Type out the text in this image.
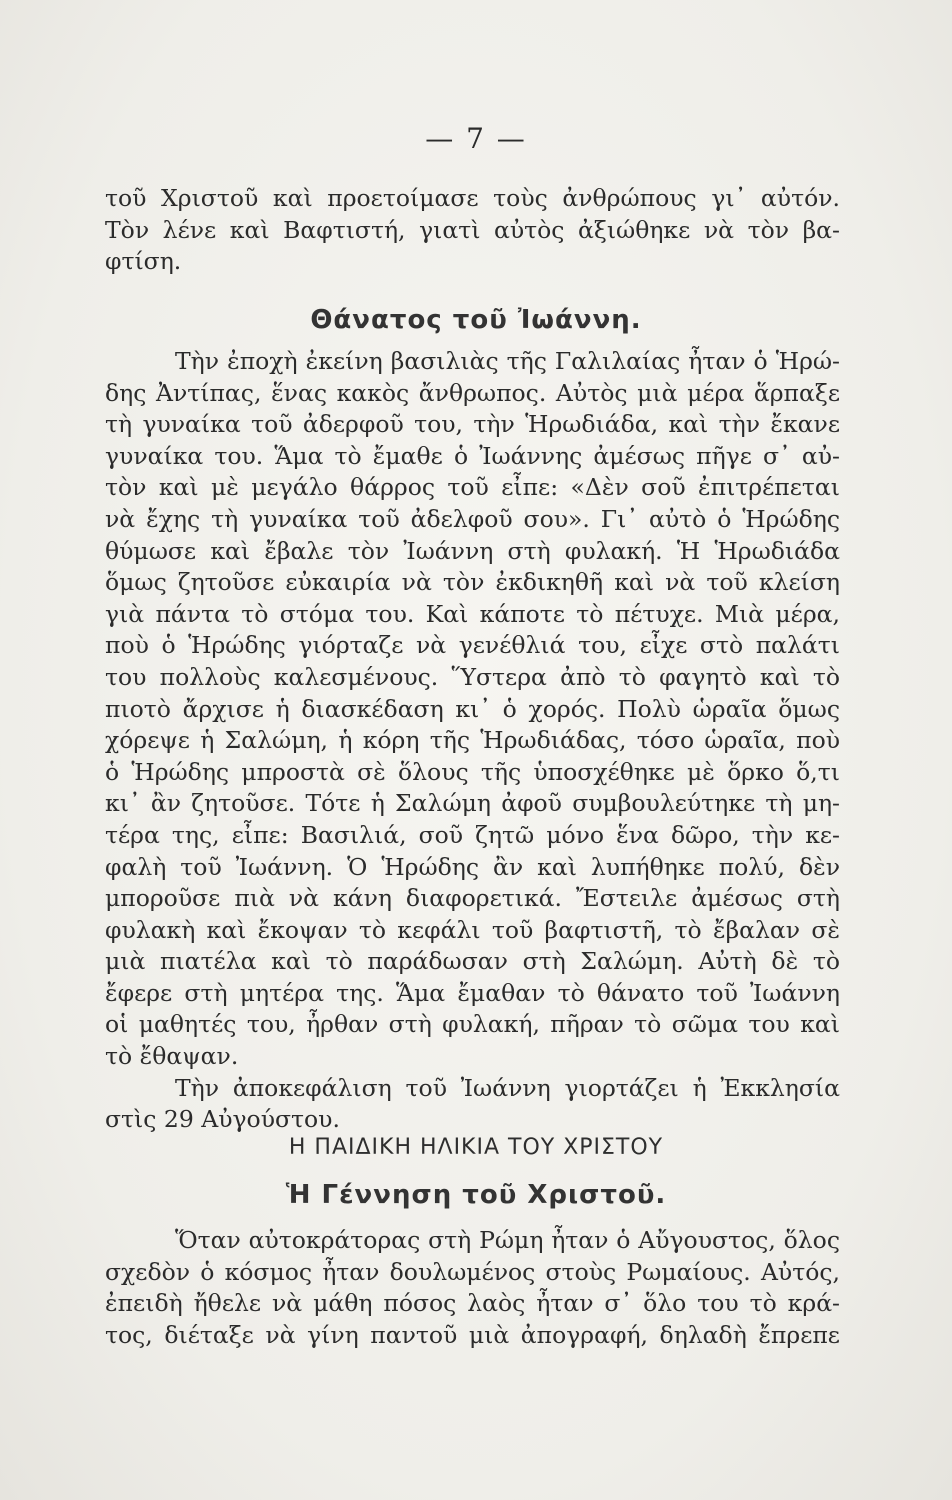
— 7 —
τοῦ Χριστοῦ καὶ προετοίμασε τοὺς ἀνθρώπους γι᾿ αὐτόν.
Τὸν λένε καὶ Βαφτιστή, γιατὶ αὐτὸς ἀξιώθηκε νὰ τὸν βα-
φτίση.
Θάνατος τοῦ Ἰωάννη.
Τὴν ἐποχὴ ἐκείνη βασιλιὰς τῆς Γαλιλαίας ἦταν ὁ Ἡρώ-
δης Ἀντίπας, ἕνας κακὸς ἄνθρωπος. Αὐτὸς μιὰ μέρα ἅρπαξε
τὴ γυναίκα τοῦ ἀδερφοῦ του, τὴν Ἡρωδιάδα, καὶ τὴν ἔκανε
γυναίκα του. Ἅμα τὸ ἔμαθε ὁ Ἰωάννης ἀμέσως πῆγε σ᾿ αὐ-
τὸν καὶ μὲ μεγάλο θάρρος τοῦ εἶπε: «Δὲν σοῦ ἐπιτρέπεται
νὰ ἔχης τὴ γυναίκα τοῦ ἀδελφοῦ σου». Γι᾿ αὐτὸ ὁ Ἡρώδης
θύμωσε καὶ ἔβαλε τὸν Ἰωάννη στὴ φυλακή. Ἡ Ἡρωδιάδα
ὅμως ζητοῦσε εὐκαιρία νὰ τὸν ἐκδικηθῆ καὶ νὰ τοῦ κλείση
γιὰ πάντα τὸ στόμα του. Καὶ κάποτε τὸ πέτυχε. Μιὰ μέρα,
ποὺ ὁ Ἡρώδης γιόρταζε νὰ γενέθλιά του, εἶχε στὸ παλάτι
του πολλοὺς καλεσμένους. Ὕστερα ἀπὸ τὸ φαγητὸ καὶ τὸ
πιοτὸ ἄρχισε ἡ διασκέδαση κι᾿ ὁ χορός. Πολὺ ὡραῖα ὅμως
χόρεψε ἡ Σαλώμη, ἡ κόρη τῆς Ἡρωδιάδας, τόσο ὡραῖα, ποὺ
ὁ Ἡρώδης μπροστὰ σὲ ὅλους τῆς ὑποσχέθηκε μὲ ὅρκο ὅ,τι
κι᾿ ἂν ζητοῦσε. Τότε ἡ Σαλώμη ἀφοῦ συμβουλεύτηκε τὴ μη-
τέρα της, εἶπε: Βασιλιά, σοῦ ζητῶ μόνο ἕνα δῶρο, τὴν κε-
φαλὴ τοῦ Ἰωάννη. Ὁ Ἡρώδης ἂν καὶ λυπήθηκε πολύ, δὲν
μποροῦσε πιὰ νὰ κάνη διαφορετικά. Ἔστειλε ἀμέσως στὴ
φυλακὴ καὶ ἔκοψαν τὸ κεφάλι τοῦ βαφτιστῆ, τὸ ἔβαλαν σὲ
μιὰ πιατέλα καὶ τὸ παράδωσαν στὴ Σαλώμη. Αὐτὴ δὲ τὸ
ἔφερε στὴ μητέρα της. Ἅμα ἔμαθαν τὸ θάνατο τοῦ Ἰωάννη
οἱ μαθητές του, ἦρθαν στὴ φυλακή, πῆραν τὸ σῶμα του καὶ
τὸ ἔθαψαν.
Τὴν ἀποκεφάλιση τοῦ Ἰωάννη γιορτάζει ἡ Ἐκκλησία
στὶς 29 Αὐγούστου.
Η ΠΑΙΔΙΚΗ ΗΛΙΚΙΑ ΤΟΥ ΧΡΙΣΤΟΥ
Ἡ Γέννηση τοῦ Χριστοῦ.
Ὅταν αὐτοκράτορας στὴ Ρώμη ἦταν ὁ Αὔγουστος, ὅλος
σχεδὸν ὁ κόσμος ἦταν δουλωμένος στοὺς Ρωμαίους. Αὐτός,
ἐπειδὴ ἤθελε νὰ μάθη πόσος λαὸς ἦταν σ᾿ ὅλο του τὸ κρά-
τος, διέταξε νὰ γίνη παντοῦ μιὰ ἀπογραφή, δηλαδὴ ἔπρεπε
